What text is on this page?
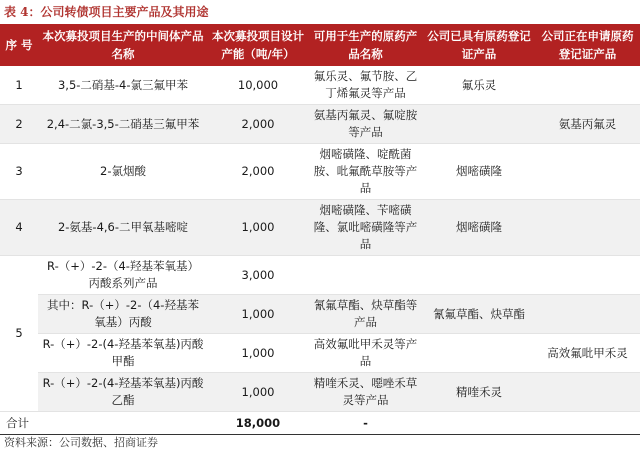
表 4：公司转债项目主要产品及其用途
序 号	本次募投项目生产的中间体产品名称	本次募投项目设计产能（吨/年）	可用于生产的原药产品名称	公司已具有原药登记证产品	公司正在申请原药登记证产品
1	3,5-二硝基-4-氯三氟甲苯	10,000	氟乐灵、氟节胺、乙丁烯氟灵等产品	氟乐灵	
2	2,4-二氯-3,5-二硝基三氟甲苯	2,000	氨基丙氟灵、氟啶胺等产品		氨基丙氟灵
3	2-氯烟酸	2,000	烟嘧磺隆、啶酰菌胺、吡氟酰草胺等产品	烟嘧磺隆	
4	2-氨基-4,6-二甲氧基嘧啶	1,000	烟嘧磺隆、苄嘧磺隆、氯吡嘧磺隆等产品	烟嘧磺隆	
5	R-（+）-2-（4-羟基苯氧基）丙酸系列产品	3,000			
	其中：R-（+）-2-（4-羟基苯氧基）丙酸	1,000	氰氟草酯、炔草酯等产品	氰氟草酯、炔草酯	
	R-（+）-2-(4-羟基苯氧基)丙酸甲酯	1,000	高效氟吡甲禾灵等产品		高效氟吡甲禾灵
	R-（+）-2-(4-羟基苯氧基)丙酸乙酯	1,000	精喹禾灵、噁唑禾草灵等产品	精喹禾灵	
合计		18,000	-		
资料来源：公司数据、招商证券
